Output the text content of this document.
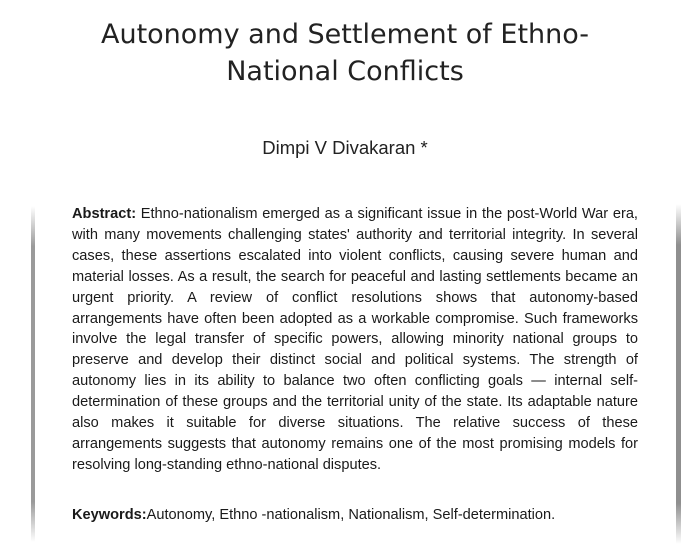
Autonomy and Settlement of Ethno-
National Conflicts
Dimpi V Divakaran *

Abstract: Ethno-nationalism emerged as a significant issue in the post-World War era, with many movements challenging states' authority and territorial integrity. In several cases, these assertions escalated into violent conflicts, causing severe human and material losses. As a result, the search for peaceful and lasting settlements became an urgent priority. A review of conflict resolutions shows that autonomy-based arrangements have often been adopted as a workable compromise. Such frameworks involve the legal transfer of specific powers, allowing minority national groups to preserve and develop their distinct social and political systems. The strength of autonomy lies in its ability to balance two often conflicting goals — internal self-determination of these groups and the territorial unity of the state. Its adaptable nature also makes it suitable for diverse situations. The relative success of these arrangements suggests that autonomy remains one of the most promising models for resolving long-standing ethno-national disputes.

Keywords:Autonomy, Ethno -nationalism, Nationalism, Self-determination.
